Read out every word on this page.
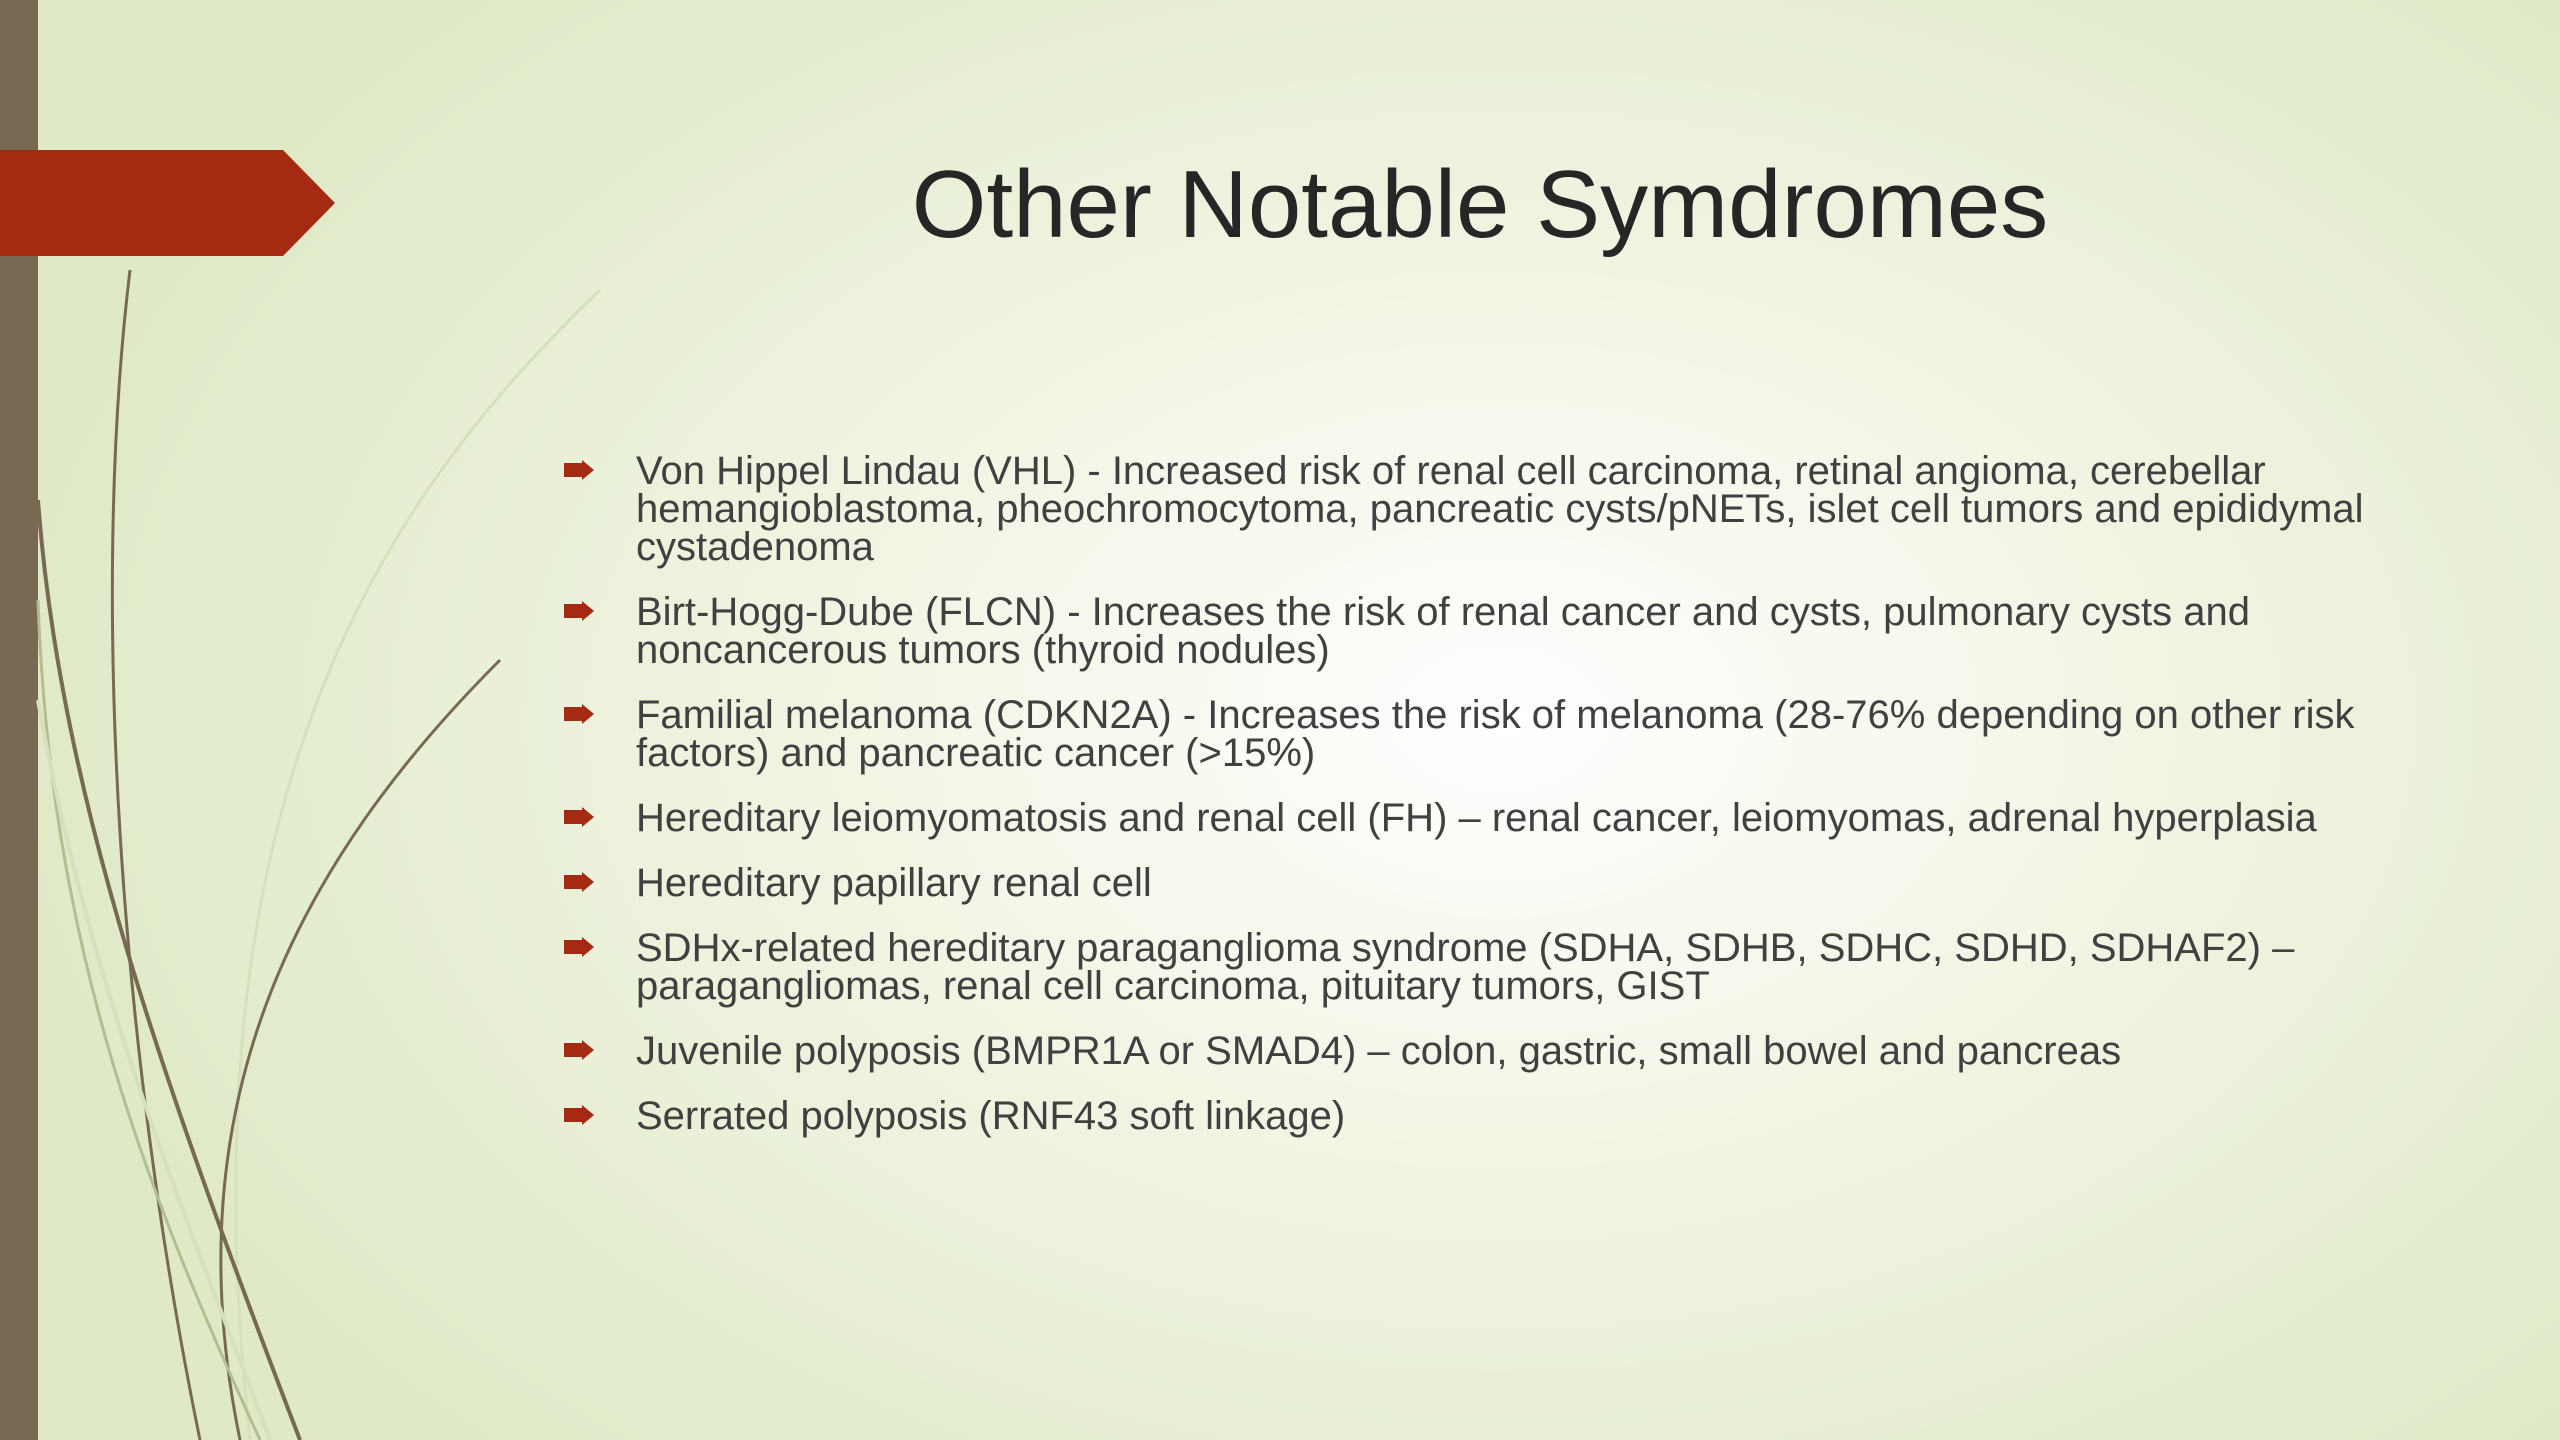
Other Notable Symdromes
Von Hippel Lindau (VHL) - Increased risk of renal cell carcinoma, retinal angioma, cerebellar hemangioblastoma, pheochromocytoma, pancreatic cysts/pNETs, islet cell tumors and epididymal cystadenoma
Birt-Hogg-Dube (FLCN) - Increases the risk of renal cancer and cysts, pulmonary cysts and noncancerous tumors (thyroid nodules)
Familial melanoma (CDKN2A) - Increases the risk of melanoma (28-76% depending on other risk factors) and pancreatic cancer (>15%)
Hereditary leiomyomatosis and renal cell (FH) – renal cancer, leiomyomas, adrenal hyperplasia
Hereditary papillary renal cell
SDHx-related hereditary paraganglioma syndrome (SDHA, SDHB, SDHC, SDHD, SDHAF2) – paragangliomas, renal cell carcinoma, pituitary tumors, GIST
Juvenile polyposis (BMPR1A or SMAD4) – colon, gastric, small bowel and pancreas
Serrated polyposis (RNF43 soft linkage)
